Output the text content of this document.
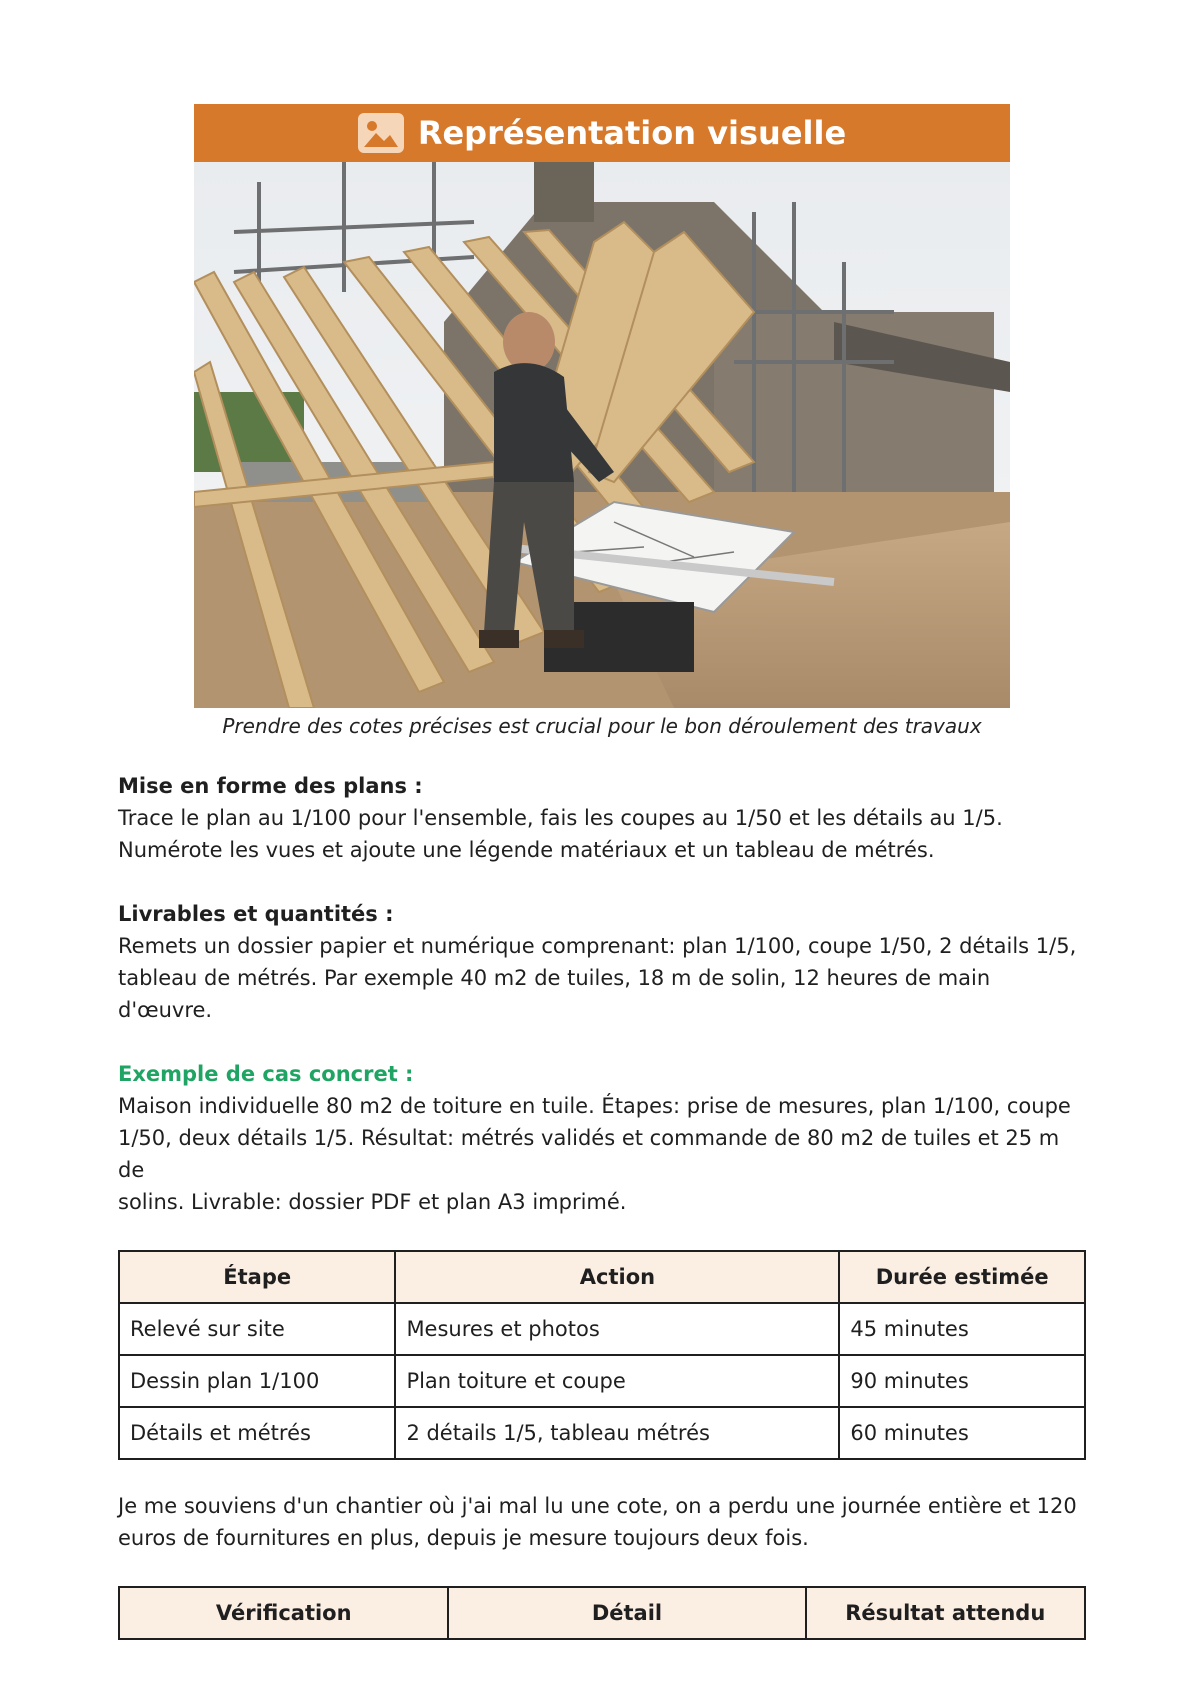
Représentation visuelle
Prendre des cotes précises est crucial pour le bon déroulement des travaux
Mise en forme des plans :

Trace le plan au 1/100 pour l'ensemble, fais les coupes au 1/50 et les détails au 1/5.

Numérote les vues et ajoute une légende matériaux et un tableau de métrés.

Livrables et quantités :

Remets un dossier papier et numérique comprenant: plan 1/100, coupe 1/50, 2 détails 1/5,

tableau de métrés. Par exemple 40 m2 de tuiles, 18 m de solin, 12 heures de main d'œuvre.

Exemple de cas concret :

Maison individuelle 80 m2 de toiture en tuile. Étapes: prise de mesures, plan 1/100, coupe

1/50, deux détails 1/5. Résultat: métrés validés et commande de 80 m2 de tuiles et 25 m de

solins. Livrable: dossier PDF et plan A3 imprimé.

Étape	Action	Durée estimée
Relevé sur site	Mesures et photos	45 minutes
Dessin plan 1/100	Plan toiture et coupe	90 minutes
Détails et métrés	2 détails 1/5, tableau métrés	60 minutes

Je me souviens d'un chantier où j'ai mal lu une cote, on a perdu une journée entière et 120

euros de fournitures en plus, depuis je mesure toujours deux fois.

Vérification	Détail	Résultat attendu
